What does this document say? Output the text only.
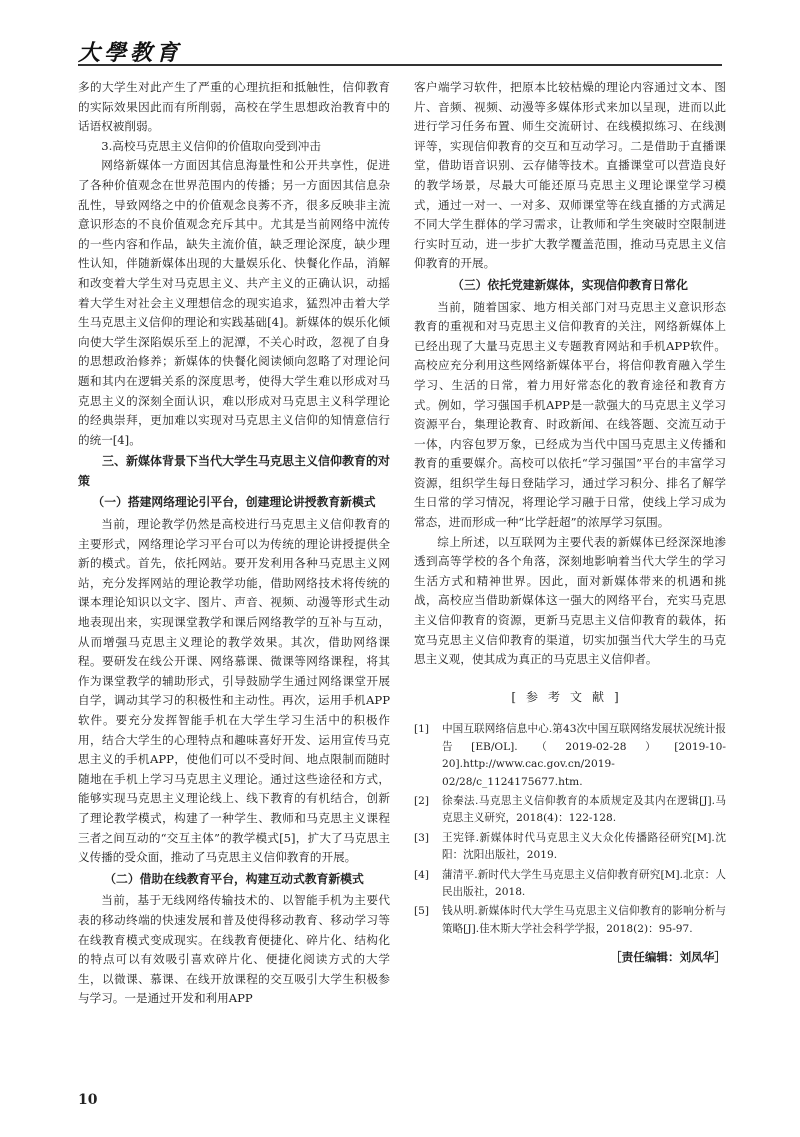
大學教育

多的大学生对此产生了严重的心理抗拒和抵触性，信仰教育的实际效果因此而有所削弱，高校在学生思想政治教育中的话语权被削弱。

3.高校马克思主义信仰的价值取向受到冲击

网络新媒体一方面因其信息海量性和公开共享性，促进了各种价值观念在世界范围内的传播；另一方面因其信息杂乱性，导致网络之中的价值观念良莠不齐，很多反映非主流意识形态的不良价值观念充斥其中。尤其是当前网络中流传的一些内容和作品，缺失主流价值，缺乏理论深度，缺少理性认知，伴随新媒体出现的大量娱乐化、快餐化作品，消解和改变着大学生对马克思主义、共产主义的正确认识，动摇着大学生对社会主义理想信念的现实追求，猛烈冲击着大学生马克思主义信仰的理论和实践基础[4]。新媒体的娱乐化倾向使大学生深陷娱乐至上的泥潭，不关心时政，忽视了自身的思想政治修养；新媒体的快餐化阅读倾向忽略了对理论问题和其内在逻辑关系的深度思考，使得大学生难以形成对马克思主义的深刻全面认识，难以形成对马克思主义科学理论的经典崇拜，更加难以实现对马克思主义信仰的知情意信行的统一[4]。

三、新媒体背景下当代大学生马克思主义信仰教育的对策
（一）搭建网络理论引平台，创建理论讲授教育新模式

当前，理论教学仍然是高校进行马克思主义信仰教育的主要形式，网络理论学习平台可以为传统的理论讲授提供全新的模式。首先，依托网站。要开发利用各种马克思主义网站，充分发挥网站的理论教学功能，借助网络技术将传统的课本理论知识以文字、图片、声音、视频、动漫等形式生动地表现出来，实现课堂教学和课后网络教学的互补与互动，从而增强马克思主义理论的教学效果。其次，借助网络课程。要研发在线公开课、网络慕课、微课等网络课程，将其作为课堂教学的辅助形式，引导鼓励学生通过网络课堂开展自学，调动其学习的积极性和主动性。再次，运用手机APP软件。要充分发挥智能手机在大学生学习生活中的积极作用，结合大学生的心理特点和趣味喜好开发、运用宣传马克思主义的手机APP，使他们可以不受时间、地点限制而随时随地在手机上学习马克思主义理论。通过这些途径和方式，能够实现马克思主义理论线上、线下教育的有机结合，创新了理论教学模式，构建了一种学生、教师和马克思主义课程三者之间互动的“交互主体”的教学模式[5]，扩大了马克思主义传播的受众面，推动了马克思主义信仰教育的开展。

（二）借助在线教育平台，构建互动式教育新模式

当前，基于无线网络传输技术的、以智能手机为主要代表的移动终端的快速发展和普及使得移动教育、移动学习等在线教育模式变成现实。在线教育便捷化、碎片化、结构化的特点可以有效吸引喜欢碎片化、便捷化阅读方式的大学生，以微课、慕课、在线开放课程的交互吸引大学生积极参与学习。一是通过开发和利用APP

客户端学习软件，把原本比较枯燥的理论内容通过文本、图片、音频、视频、动漫等多媒体形式来加以呈现，进而以此进行学习任务布置、师生交流研讨、在线模拟练习、在线测评等，实现信仰教育的交互和互动学习。二是借助于直播课堂，借助语音识别、云存储等技术。直播课堂可以营造良好的教学场景，尽最大可能还原马克思主义理论课堂学习模式，通过一对一、一对多、双师课堂等在线直播的方式满足不同大学生群体的学习需求，让教师和学生突破时空限制进行实时互动，进一步扩大教学覆盖范围，推动马克思主义信仰教育的开展。

（三）依托党建新媒体，实现信仰教育日常化

当前，随着国家、地方相关部门对马克思主义意识形态教育的重视和对马克思主义信仰教育的关注，网络新媒体上已经出现了大量马克思主义专题教育网站和手机APP软件。高校应充分利用这些网络新媒体平台，将信仰教育融入学生学习、生活的日常，着力用好常态化的教育途径和教育方式。例如，学习强国手机APP是一款强大的马克思主义学习资源平台，集理论教育、时政新闻、在线答题、交流互动于一体，内容包罗万象，已经成为当代中国马克思主义传播和教育的重要媒介。高校可以依托“学习强国”平台的丰富学习资源，组织学生每日登陆学习，通过学习积分、排名了解学生日常的学习情况，将理论学习融于日常，使线上学习成为常态，进而形成一种“比学赶超”的浓厚学习氛围。

综上所述，以互联网为主要代表的新媒体已经深深地渗透到高等学校的各个角落，深刻地影响着当代大学生的学习生活方式和精神世界。因此，面对新媒体带来的机遇和挑战，高校应当借助新媒体这一强大的网络平台，充实马克思主义信仰教育的资源，更新马克思主义信仰教育的载体，拓宽马克思主义信仰教育的渠道，切实加强当代大学生的马克思主义观，使其成为真正的马克思主义信仰者。

[参考文献]
[1]	中国互联网络信息中心.第43次中国互联网络发展状况统计报告[EB/OL].（2019-02-28）[2019-10-20].http://www.cac.gov.cn/2019-02/28/c_1124175677.htm.
[2]	徐秦法.马克思主义信仰教育的本质规定及其内在逻辑[J].马克思主义研究，2018(4)：122-128.
[3]	王宪铎.新媒体时代马克思主义大众化传播路径研究[M].沈阳：沈阳出版社，2019.
[4]	蒲清平.新时代大学生马克思主义信仰教育研究[M].北京：人民出版社，2018.
[5]	钱从明.新媒体时代大学生马克思主义信仰教育的影响分析与策略[J].佳木斯大学社会科学学报，2018(2)：95-97.
［责任编辑：刘凤华］
10
